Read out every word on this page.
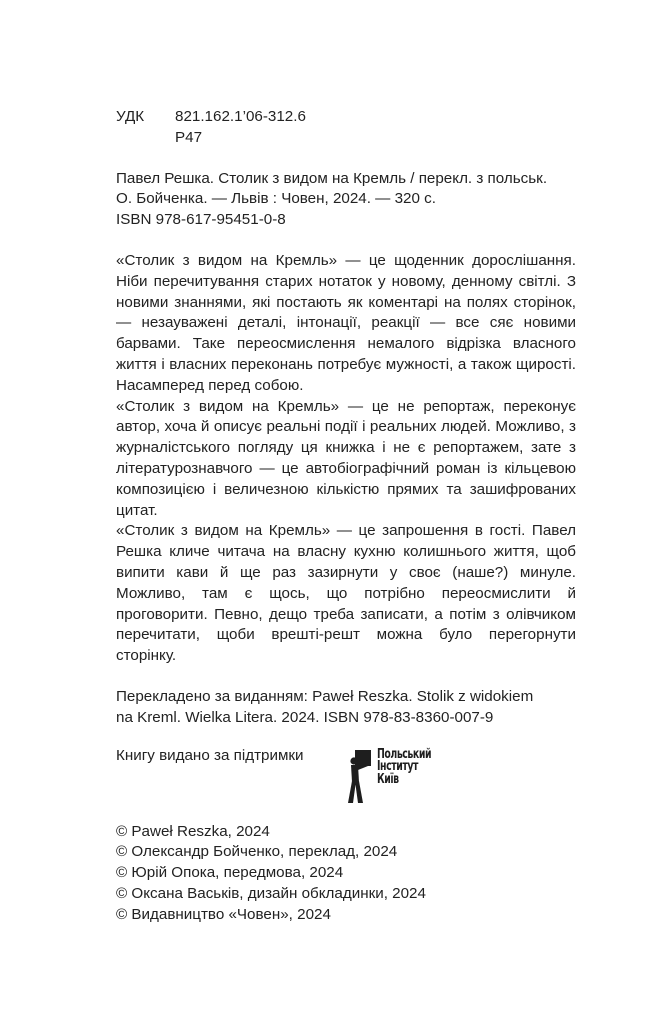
УДК	821.162.1’06-312.6
Р47
Павел Решка. Столик з видом на Кремль / перекл. з польськ.
О. Бойченка. — Львів : Човен, 2024. — 320 с.
ISBN 978-617-95451-0-8

«Столик з видом на Кремль» — це щоденник дорослішання. Ніби перечитування старих нотаток у новому, денному світлі. З новими знаннями, які постають як коментарі на полях сторінок, — незауважені деталі, інтонації, реакції — все сяє новими барвами. Таке переосмислення немалого відрізка власного життя і власних переконань потребує мужності, а також щирості. Насамперед перед собою.

«Столик з видом на Кремль» — це не репортаж, переконує автор, хоча й описує реальні події і реальних людей. Можливо, з журналістського погляду ця книжка і не є репортажем, зате з літературознавчого — це автобіографічний роман із кільцевою композицією і величезною кількістю прямих та зашифрованих цитат.

«Столик з видом на Кремль» — це запрошення в гості. Павел Решка кличе читача на власну кухню колишнього життя, щоб випити кави й ще раз зазирнути у своє (наше?) минуле. Можливо, там є щось, що потрібно переосмислити й проговорити. Певно, дещо треба записати, а потім з олівчиком перечитати, щоби врешті-решт можна було перегорнути сторінку.

Перекладено за виданням: Paweł Reszka. Stolik z widokiem
na Kreml. Wielka Litera. 2024. ISBN 978-83-8360-007-9
Книгу видано за підтримки	Польський
Інститут
Київ

© Paweł Reszka, 2024

© Олександр Бойченко, переклад, 2024

© Юрій Опока, передмова, 2024

© Оксана Васьків, дизайн обкладинки, 2024

© Видавництво «Човен», 2024
